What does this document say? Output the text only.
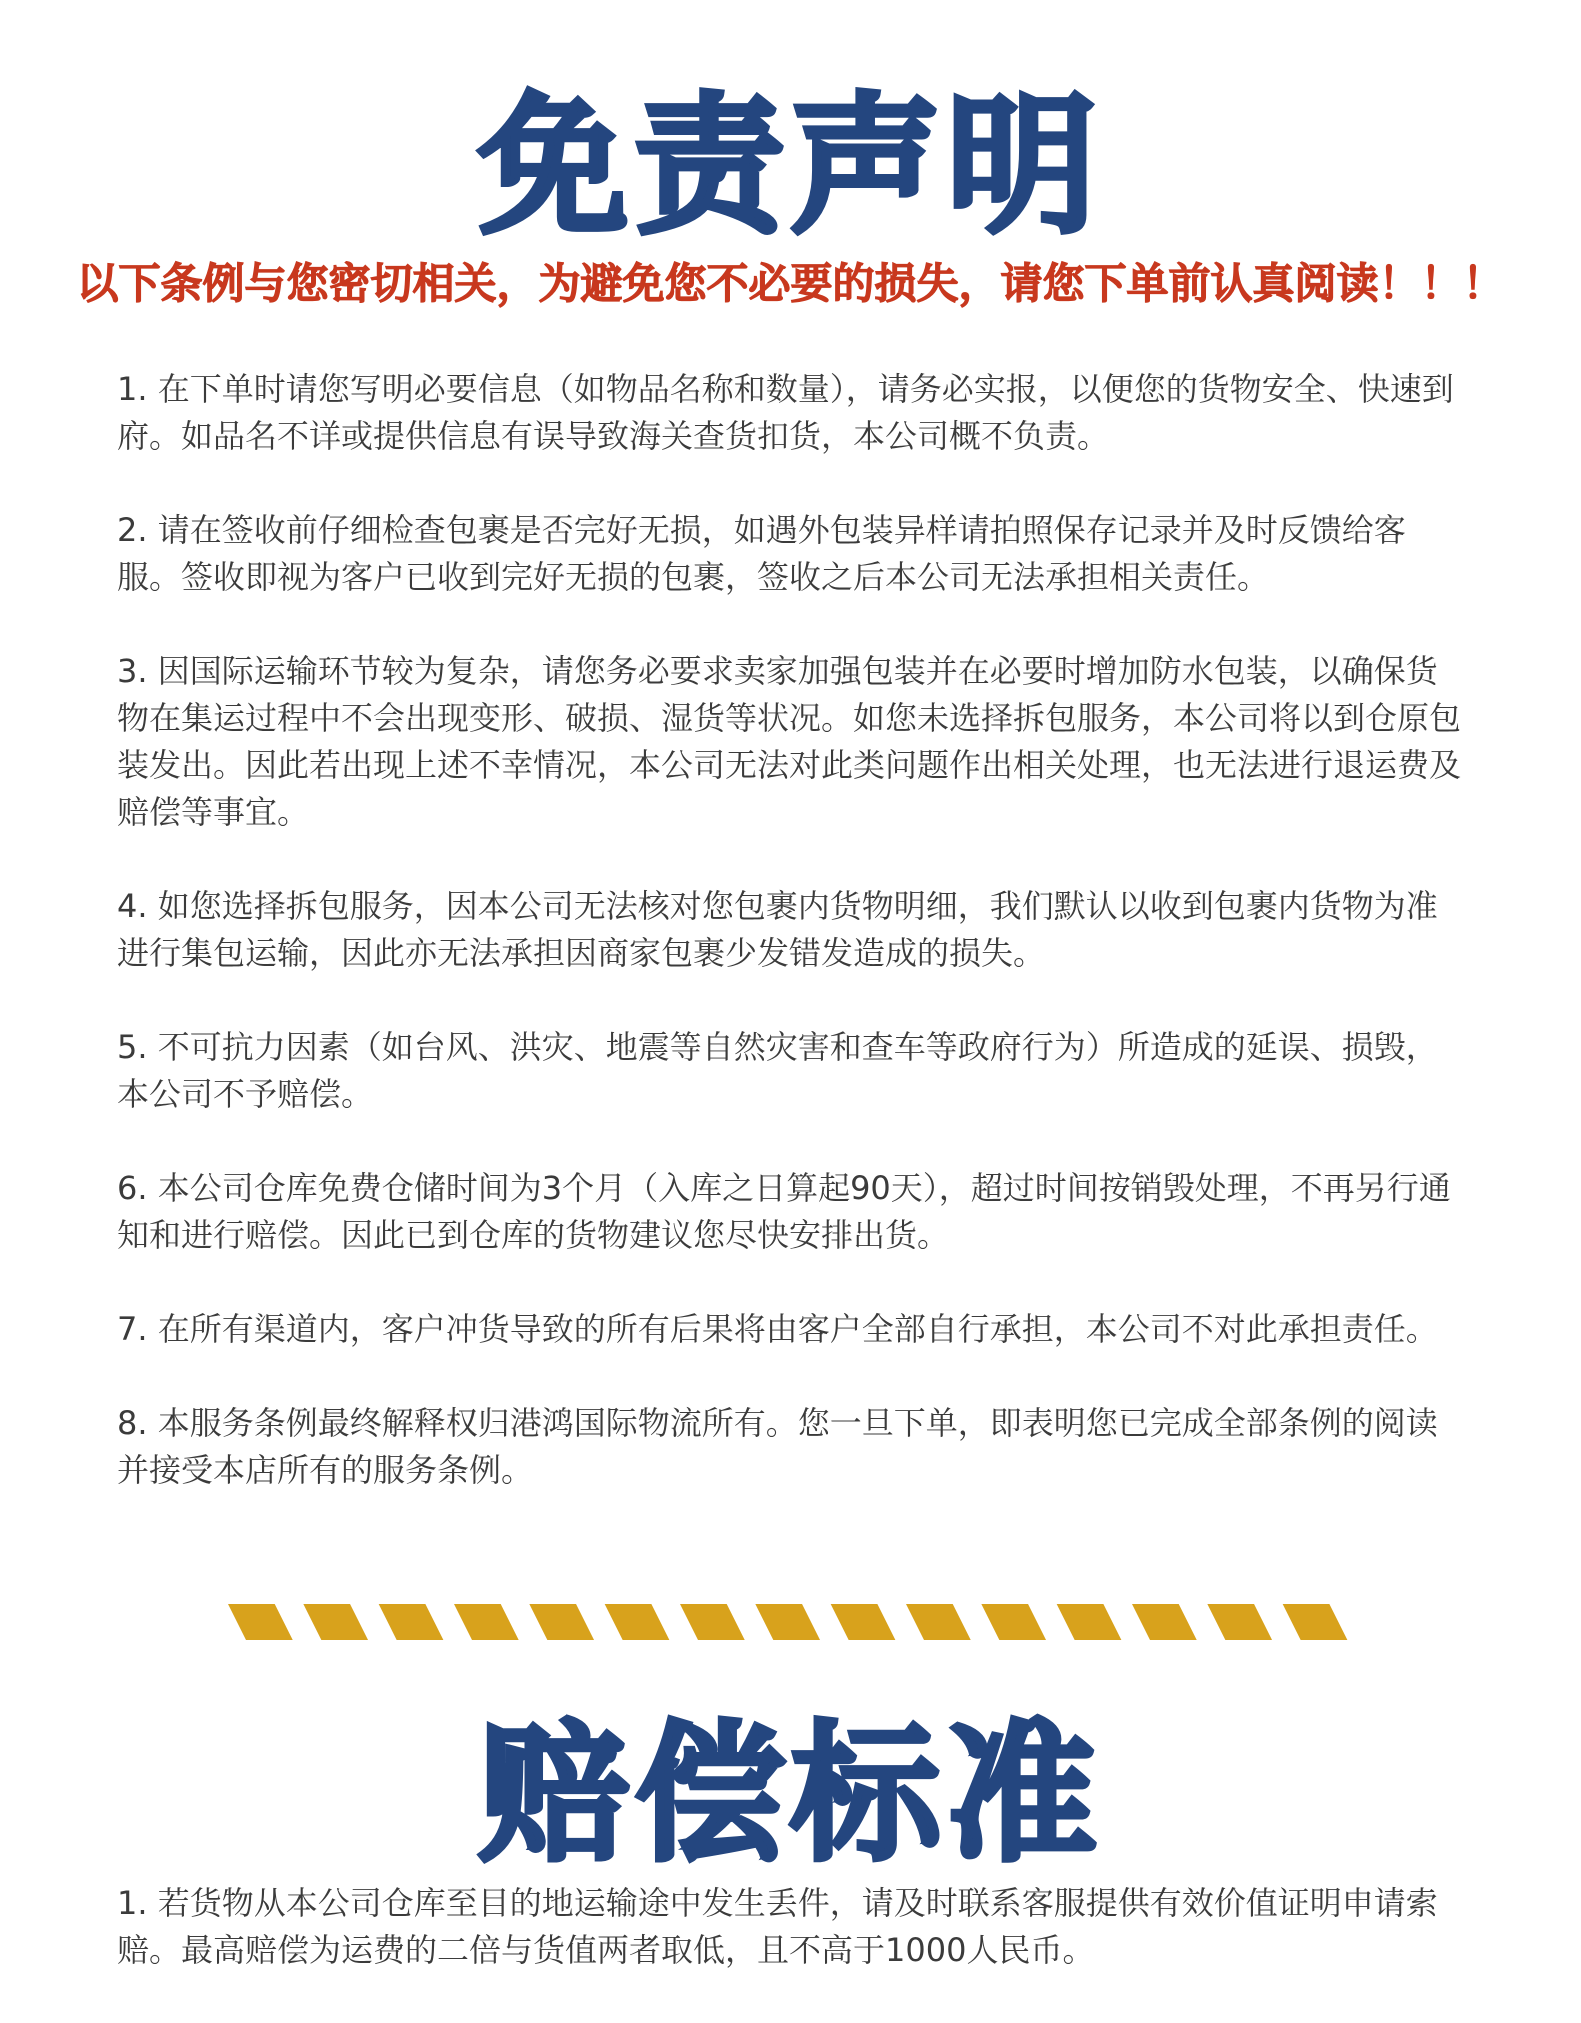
免责声明
以下条例与您密切相关，为避免您不必要的损失，请您下单前认真阅读！！！

1. 在下单时请您写明必要信息（如物品名称和数量），请务必实报，以便您的货物安全、快速到府。如品名不详或提供信息有误导致海关查货扣货，本公司概不负责。

2. 请在签收前仔细检查包裹是否完好无损，如遇外包装异样请拍照保存记录并及时反馈给客服。签收即视为客户已收到完好无损的包裹，签收之后本公司无法承担相关责任。

3. 因国际运输环节较为复杂，请您务必要求卖家加强包装并在必要时增加防水包装，以确保货物在集运过程中不会出现变形、破损、湿货等状况。如您未选择拆包服务，本公司将以到仓原包装发出。因此若出现上述不幸情况，本公司无法对此类问题作出相关处理，也无法进行退运费及赔偿等事宜。

4. 如您选择拆包服务，因本公司无法核对您包裹内货物明细，我们默认以收到包裹内货物为准进行集包运输，因此亦无法承担因商家包裹少发错发造成的损失。

5. 不可抗力因素（如台风、洪灾、地震等自然灾害和查车等政府行为）所造成的延误、损毁，本公司不予赔偿。

6. 本公司仓库免费仓储时间为3个月（入库之日算起90天），超过时间按销毁处理，不再另行通知和进行赔偿。因此已到仓库的货物建议您尽快安排出货。

7. 在所有渠道内，客户冲货导致的所有后果将由客户全部自行承担，本公司不对此承担责任。

8. 本服务条例最终解释权归港鸿国际物流所有。您一旦下单，即表明您已完成全部条例的阅读并接受本店所有的服务条例。

赔偿标准

1. 若货物从本公司仓库至目的地运输途中发生丢件，请及时联系客服提供有效价值证明申请索赔。最高赔偿为运费的二倍与货值两者取低，且不高于1000人民币。
